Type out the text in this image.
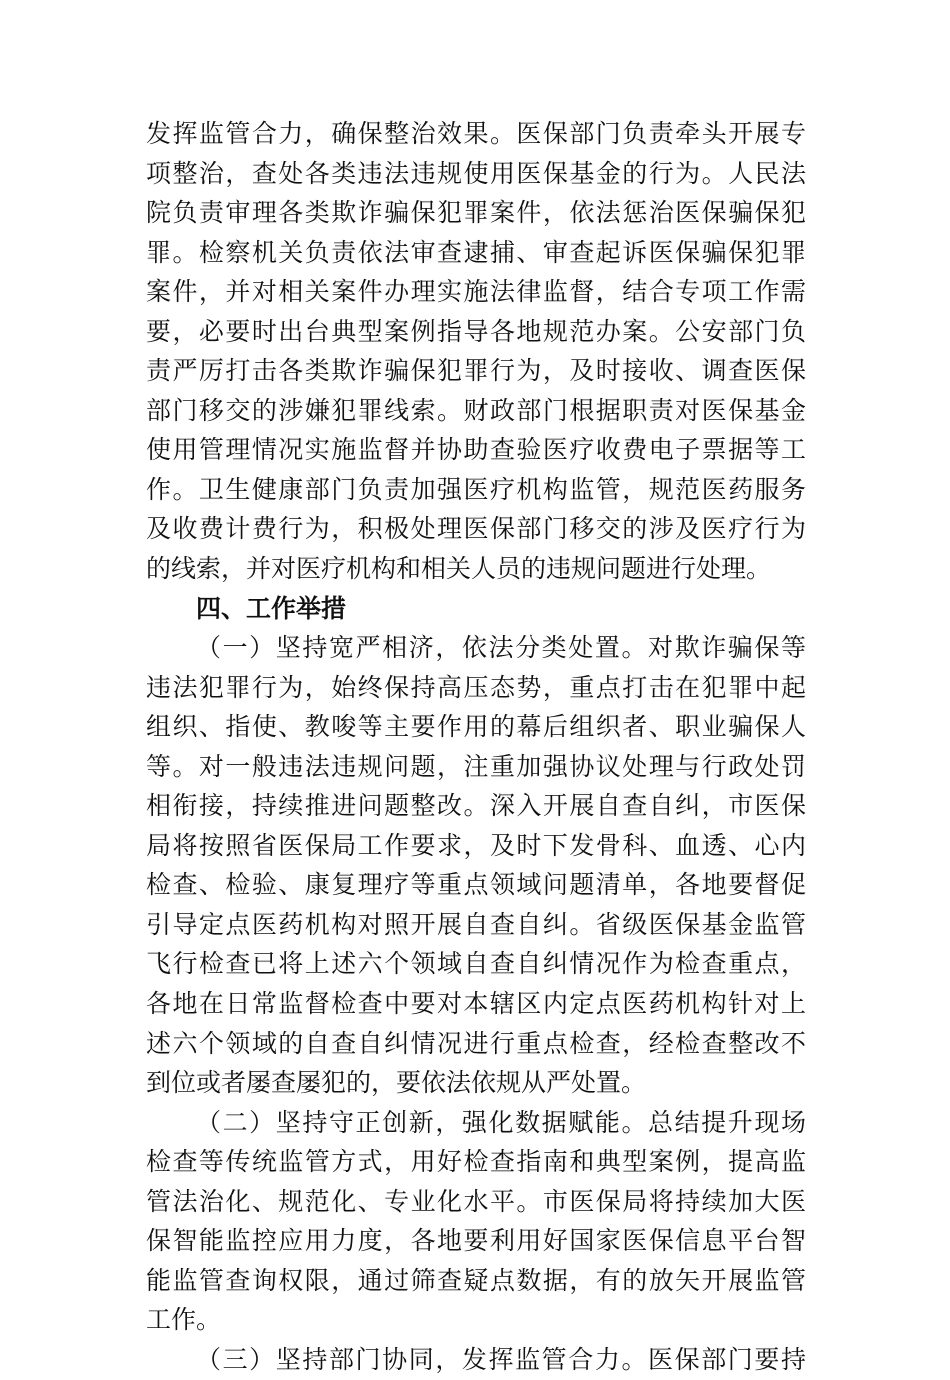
发挥监管合力，确保整治效果。医保部门负责牵头开展专
项整治，查处各类违法违规使用医保基金的行为。人民法
院负责审理各类欺诈骗保犯罪案件，依法惩治医保骗保犯
罪。检察机关负责依法审查逮捕、审查起诉医保骗保犯罪
案件，并对相关案件办理实施法律监督，结合专项工作需
要，必要时出台典型案例指导各地规范办案。公安部门负
责严厉打击各类欺诈骗保犯罪行为，及时接收、调查医保
部门移交的涉嫌犯罪线索。财政部门根据职责对医保基金
使用管理情况实施监督并协助查验医疗收费电子票据等工
作。卫生健康部门负责加强医疗机构监管，规范医药服务
及收费计费行为，积极处理医保部门移交的涉及医疗行为
的线索，并对医疗机构和相关人员的违规问题进行处理。
四、工作举措
（一）坚持宽严相济，依法分类处置。对欺诈骗保等
违法犯罪行为，始终保持高压态势，重点打击在犯罪中起
组织、指使、教唆等主要作用的幕后组织者、职业骗保人
等。对一般违法违规问题，注重加强协议处理与行政处罚
相衔接，持续推进问题整改。深入开展自查自纠，市医保
局将按照省医保局工作要求，及时下发骨科、血透、心内
检查、检验、康复理疗等重点领域问题清单，各地要督促
引导定点医药机构对照开展自查自纠。省级医保基金监管
飞行检查已将上述六个领域自查自纠情况作为检查重点，
各地在日常监督检查中要对本辖区内定点医药机构针对上
述六个领域的自查自纠情况进行重点检查，经检查整改不
到位或者屡查屡犯的，要依法依规从严处置。
（二）坚持守正创新，强化数据赋能。总结提升现场
检查等传统监管方式，用好检查指南和典型案例，提高监
管法治化、规范化、专业化水平。市医保局将持续加大医
保智能监控应用力度，各地要利用好国家医保信息平台智
能监管查询权限，通过筛查疑点数据，有的放矢开展监管
工作。
（三）坚持部门协同，发挥监管合力。医保部门要持
